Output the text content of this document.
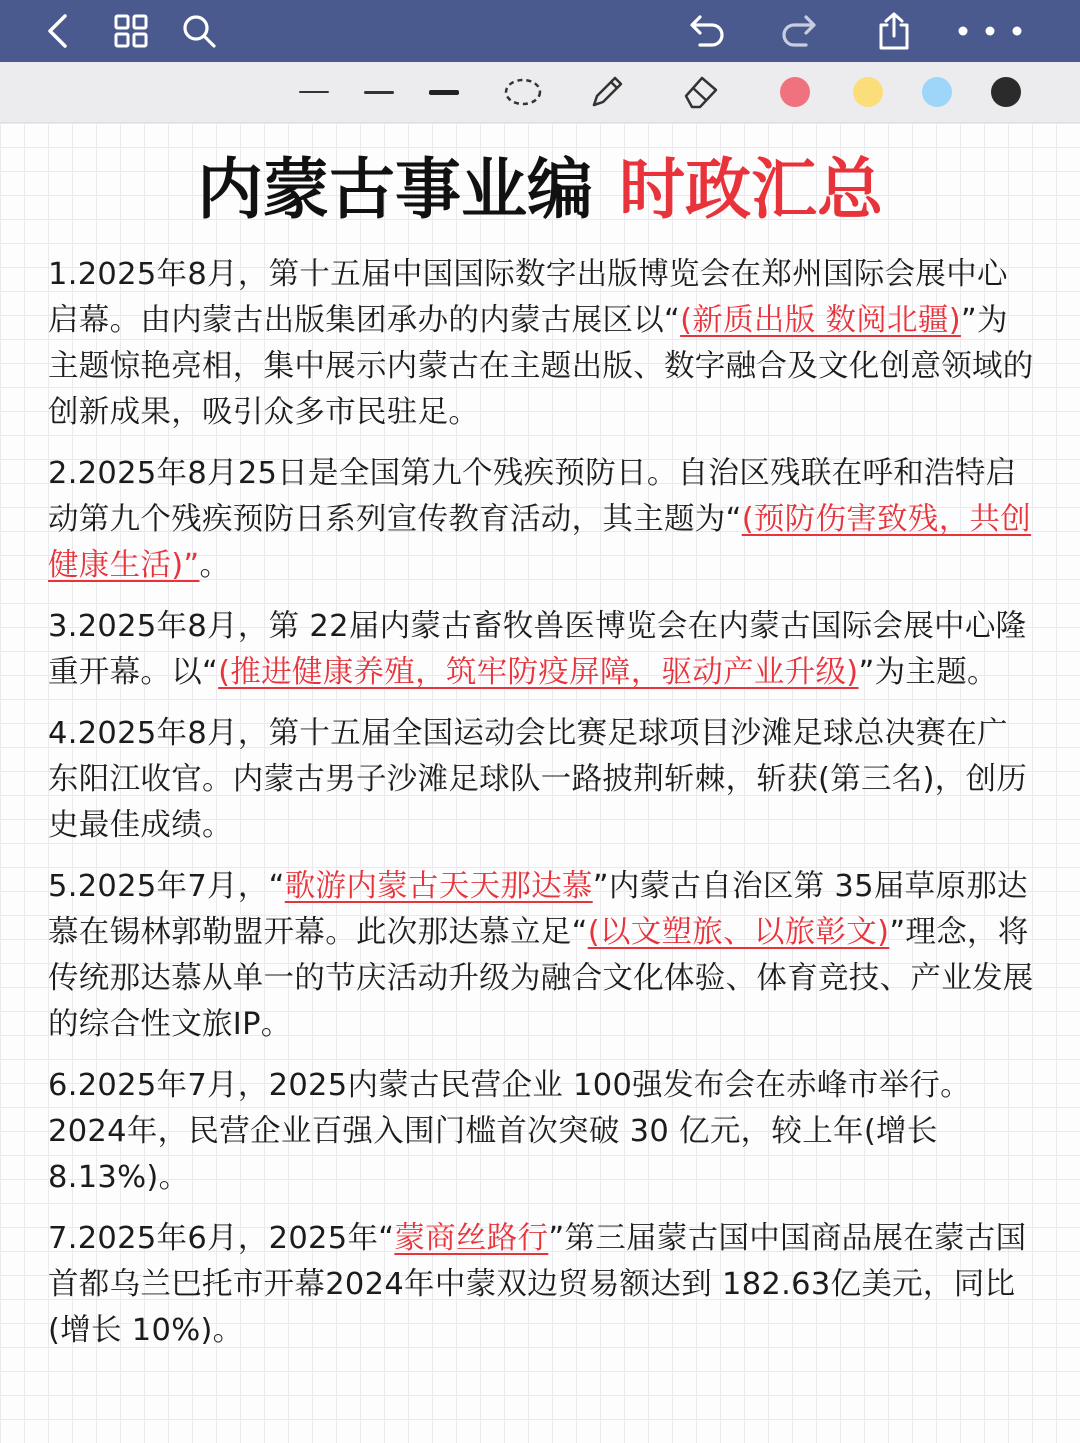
内蒙古事业编 时政汇总

1.2025年8月，第十五届中国国际数字出版博览会在郑州国际会展中心启幕。由内蒙古出版集团承办的内蒙古展区以“(新质出版 数阅北疆)”为主题惊艳亮相，集中展示内蒙古在主题出版、数字融合及文化创意领域的创新成果，吸引众多市民驻足。

2.2025年8月25日是全国第九个残疾预防日。自治区残联在呼和浩特启动第九个残疾预防日系列宣传教育活动，其主题为“(预防伤害致残，共创健康生活)”。

3.2025年8月，第 22届内蒙古畜牧兽医博览会在内蒙古国际会展中心隆重开幕。以“(推进健康养殖，筑牢防疫屏障，驱动产业升级)”为主题。

4.2025年8月，第十五届全国运动会比赛足球项目沙滩足球总决赛在广东阳江收官。内蒙古男子沙滩足球队一路披荆斩棘，斩获(第三名)，创历史最佳成绩。

5.2025年7月，“歌游内蒙古天天那达慕”内蒙古自治区第 35届草原那达慕在锡林郭勒盟开幕。此次那达慕立足“(以文塑旅、以旅彰文)”理念，将传统那达慕从单一的节庆活动升级为融合文化体验、体育竞技、产业发展的综合性文旅IP。

6.2025年7月，2025内蒙古民营企业 100强发布会在赤峰市举行。2024年，民营企业百强入围门槛首次突破 30 亿元，较上年(增长 8.13%)。

7.2025年6月，2025年“蒙商丝路行”第三届蒙古国中国商品展在蒙古国首都乌兰巴托市开幕2024年中蒙双边贸易额达到 182.63亿美元，同比(增长 10%)。
